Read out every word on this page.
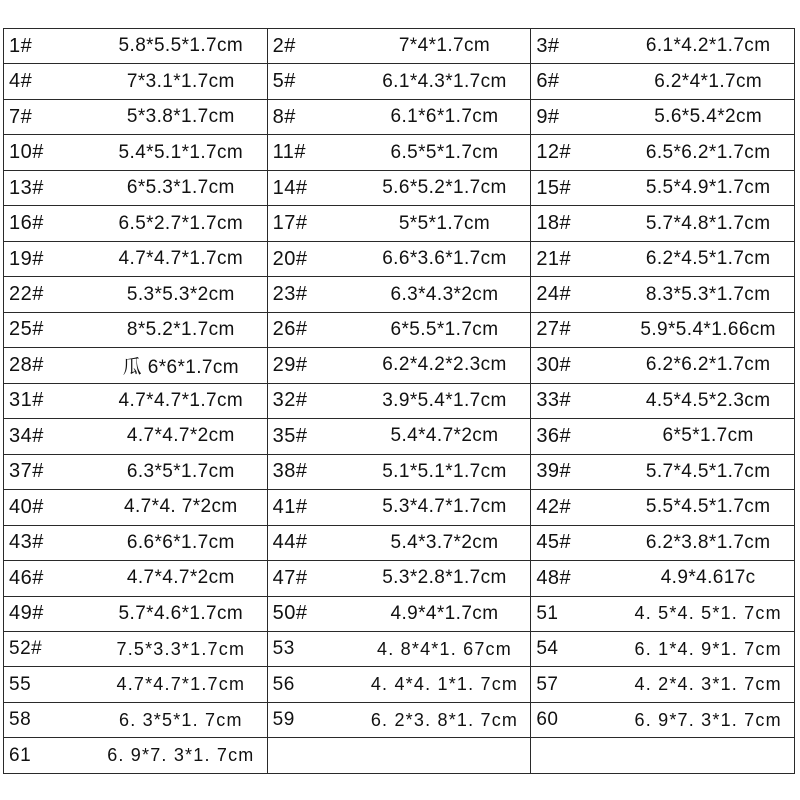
1# 5.8*5.5*1.7cm	2# 7*4*1.7cm	3# 6.1*4.2*1.7cm

4# 7*3.1*1.7cm	5# 6.1*4.3*1.7cm	6# 6.2*4*1.7cm

7# 5*3.8*1.7cm	8# 6.1*6*1.7cm	9# 5.6*5.4*2cm

10# 5.4*5.1*1.7cm	11# 6.5*5*1.7cm	12# 6.5*6.2*1.7cm

13# 6*5.3*1.7cm	14# 5.6*5.2*1.7cm	15# 5.5*4.9*1.7cm

16# 6.5*2.7*1.7cm	17# 5*5*1.7cm	18# 5.7*4.8*1.7cm

19# 4.7*4.7*1.7cm	20# 6.6*3.6*1.7cm	21# 6.2*4.5*1.7cm

22# 5.3*5.3*2cm	23# 6.3*4.3*2cm	24# 8.3*5.3*1.7cm

25# 8*5.2*1.7cm	26# 6*5.5*1.7cm	27# 5.9*5.4*1.66cm

28# 瓜 6*6*1.7cm	29# 6.2*4.2*2.3cm	30# 6.2*6.2*1.7cm

31# 4.7*4.7*1.7cm	32# 3.9*5.4*1.7cm	33# 4.5*4.5*2.3cm

34# 4.7*4.7*2cm	35# 5.4*4.7*2cm	36# 6*5*1.7cm

37# 6.3*5*1.7cm	38# 5.1*5.1*1.7cm	39# 5.7*4.5*1.7cm

40# 4.7*4. 7*2cm	41# 5.3*4.7*1.7cm	42# 5.5*4.5*1.7cm

43# 6.6*6*1.7cm	44# 5.4*3.7*2cm	45# 6.2*3.8*1.7cm

46# 4.7*4.7*2cm	47# 5.3*2.8*1.7cm	48# 4.9*4.617c

49# 5.7*4.6*1.7cm	50# 4.9*4*1.7cm	51 4. 5*4. 5*1. 7cm

52# 7.5*3.3*1.7cm	53 4. 8*4*1. 67cm	54 6. 1*4. 9*1. 7cm

55 4.7*4.7*1.7cm	56 4. 4*4. 1*1. 7cm	57 4. 2*4. 3*1. 7cm

58 6. 3*5*1. 7cm	59 6. 2*3. 8*1. 7cm	60 6. 9*7. 3*1. 7cm

61 6. 9*7. 3*1. 7cm		
